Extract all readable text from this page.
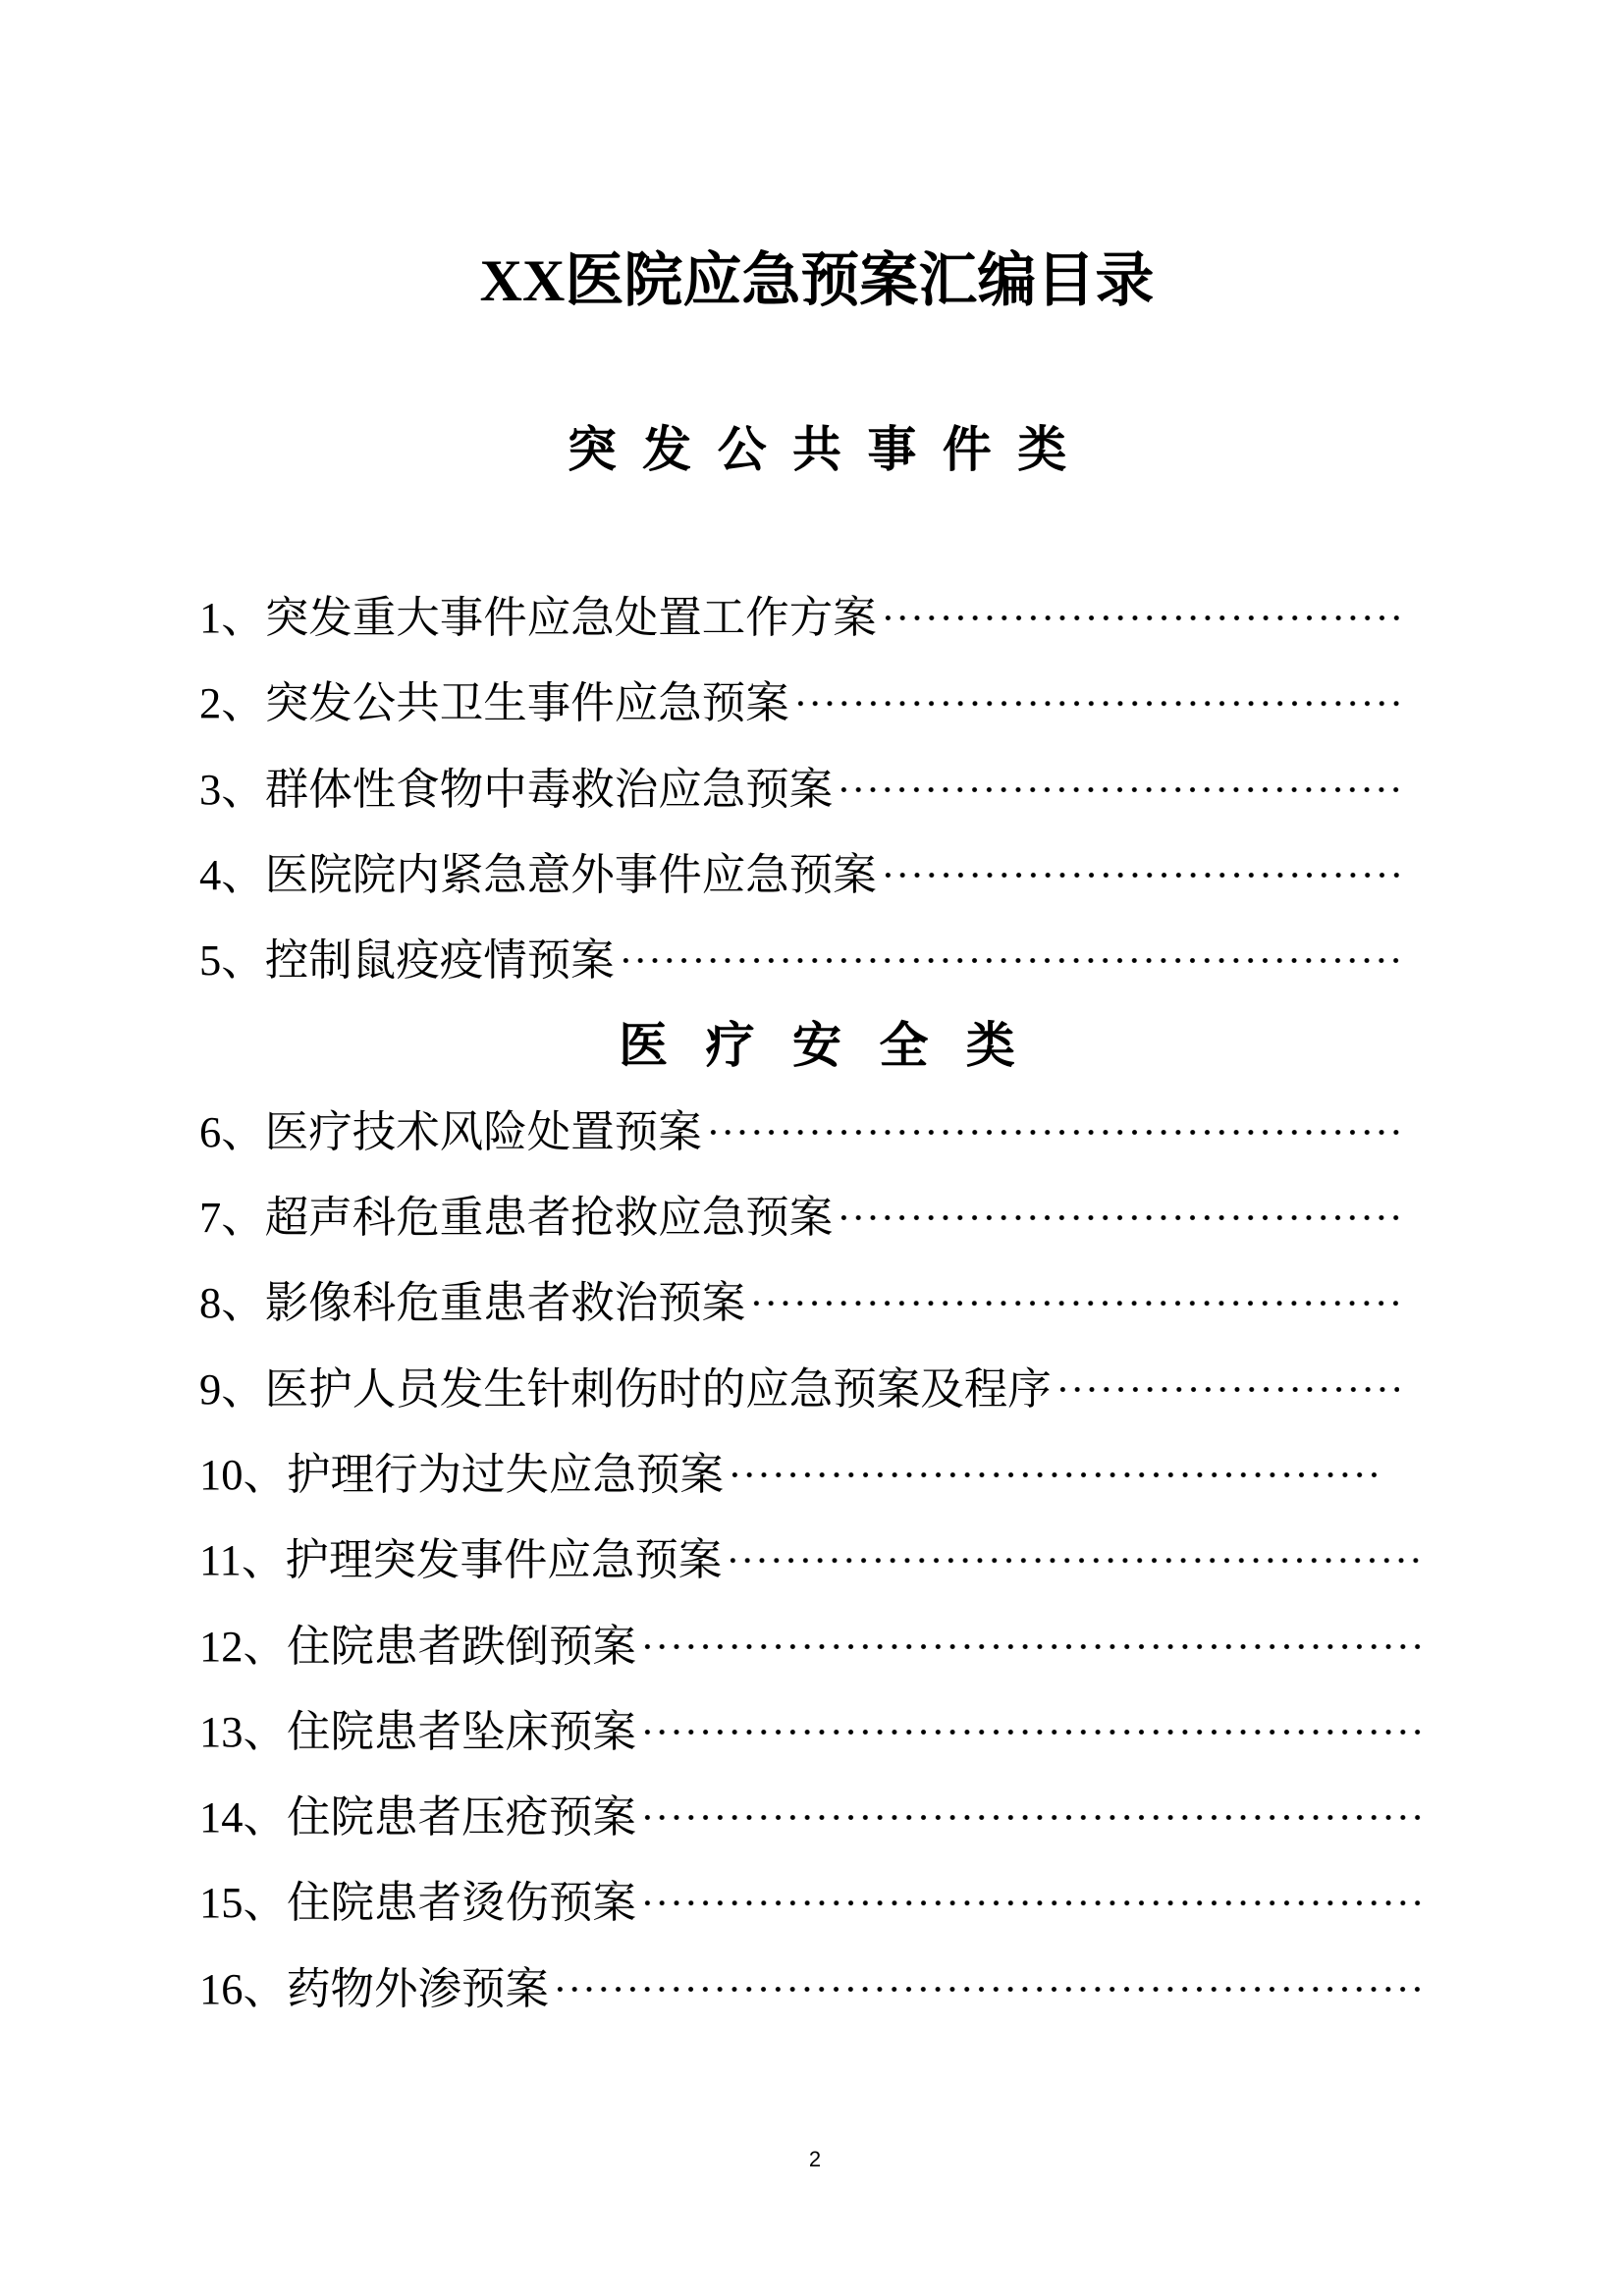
XX医院应急预案汇编目录
突 发 公 共 事 件 类
1、突发重大事件应急处置工作方案
2、突发公共卫生事件应急预案
3、群体性食物中毒救治应急预案
4、医院院内紧急意外事件应急预案
5、控制鼠疫疫情预案
医 疗 安 全 类
6、医疗技术风险处置预案
7、超声科危重患者抢救应急预案
8、影像科危重患者救治预案
9、医护人员发生针刺伤时的应急预案及程序
10、护理行为过失应急预案
11、护理突发事件应急预案
12、住院患者跌倒预案
13、住院患者坠床预案
14、住院患者压疮预案
15、住院患者烫伤预案
16、药物外渗预案
2
